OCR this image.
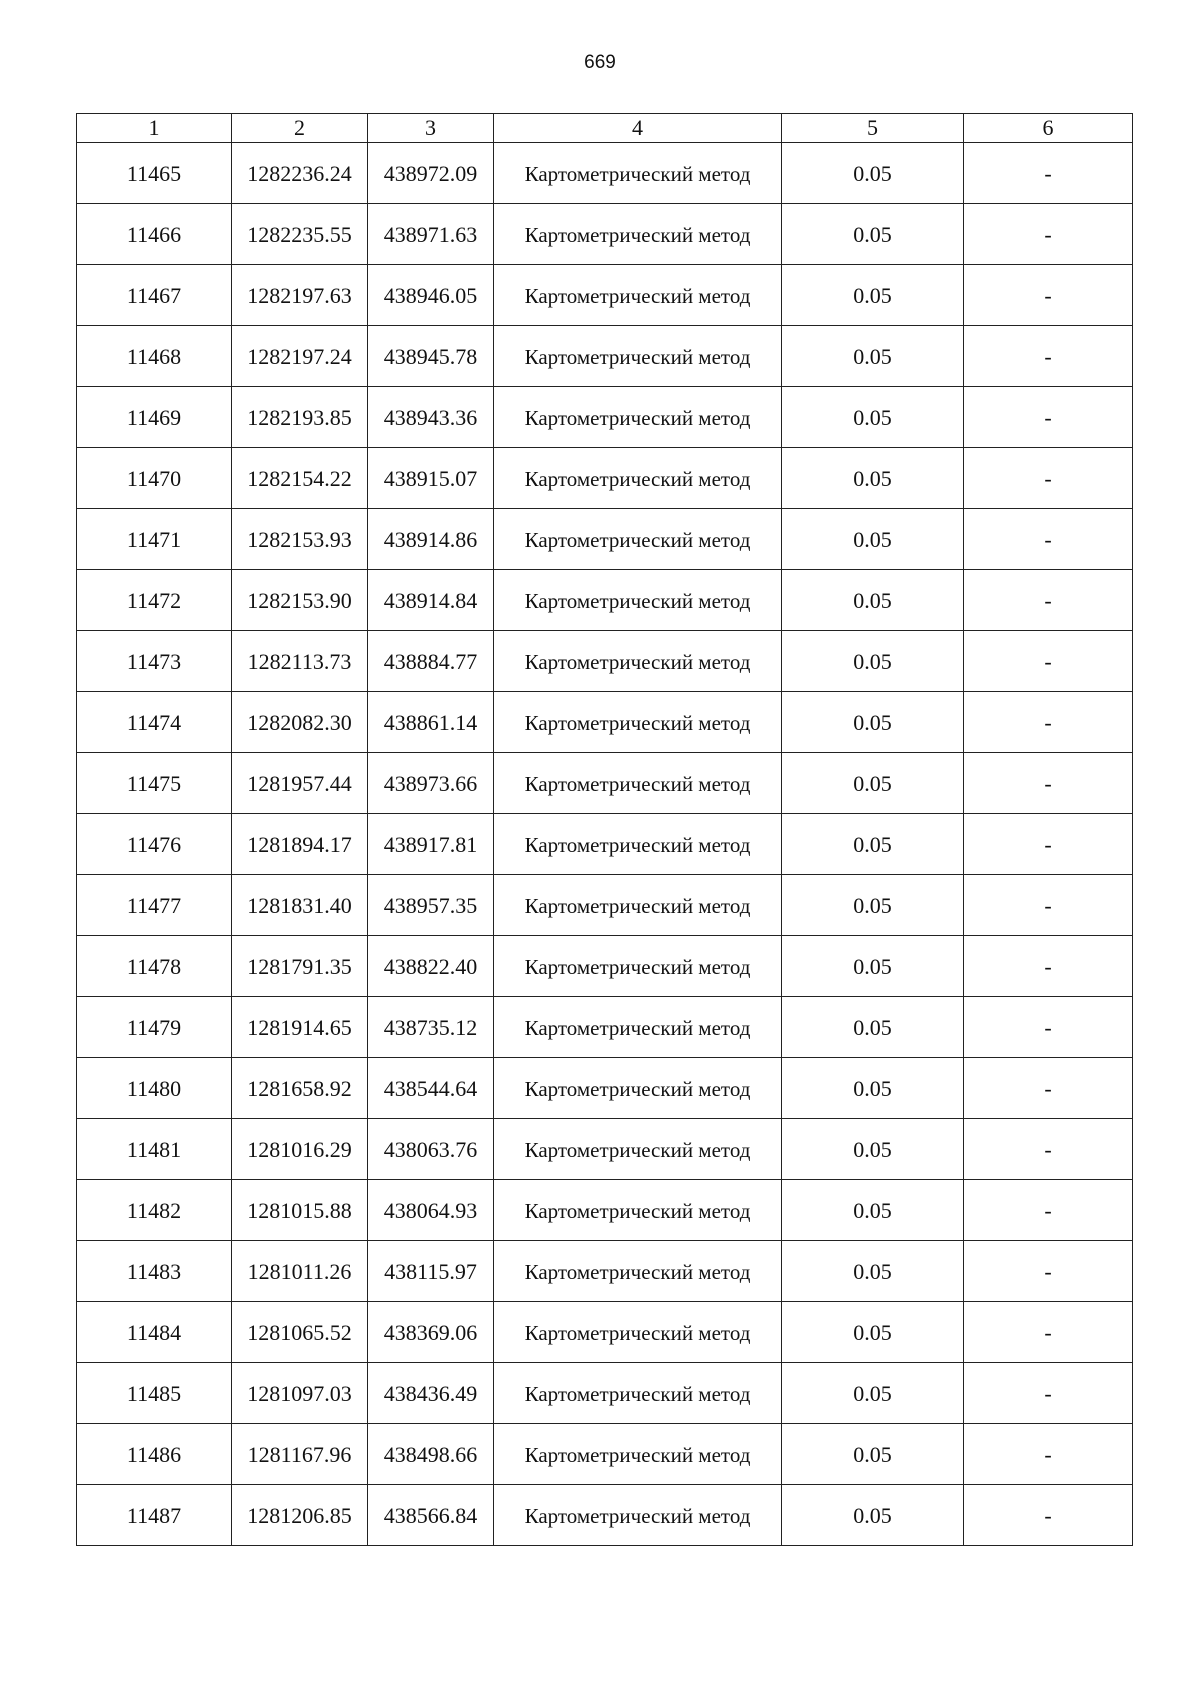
669
1	2	3	4	5	6
11465	1282236.24	438972.09	Картометрический метод	0.05	-
11466	1282235.55	438971.63	Картометрический метод	0.05	-
11467	1282197.63	438946.05	Картометрический метод	0.05	-
11468	1282197.24	438945.78	Картометрический метод	0.05	-
11469	1282193.85	438943.36	Картометрический метод	0.05	-
11470	1282154.22	438915.07	Картометрический метод	0.05	-
11471	1282153.93	438914.86	Картометрический метод	0.05	-
11472	1282153.90	438914.84	Картометрический метод	0.05	-
11473	1282113.73	438884.77	Картометрический метод	0.05	-
11474	1282082.30	438861.14	Картометрический метод	0.05	-
11475	1281957.44	438973.66	Картометрический метод	0.05	-
11476	1281894.17	438917.81	Картометрический метод	0.05	-
11477	1281831.40	438957.35	Картометрический метод	0.05	-
11478	1281791.35	438822.40	Картометрический метод	0.05	-
11479	1281914.65	438735.12	Картометрический метод	0.05	-
11480	1281658.92	438544.64	Картометрический метод	0.05	-
11481	1281016.29	438063.76	Картометрический метод	0.05	-
11482	1281015.88	438064.93	Картометрический метод	0.05	-
11483	1281011.26	438115.97	Картометрический метод	0.05	-
11484	1281065.52	438369.06	Картометрический метод	0.05	-
11485	1281097.03	438436.49	Картометрический метод	0.05	-
11486	1281167.96	438498.66	Картометрический метод	0.05	-
11487	1281206.85	438566.84	Картометрический метод	0.05	-
